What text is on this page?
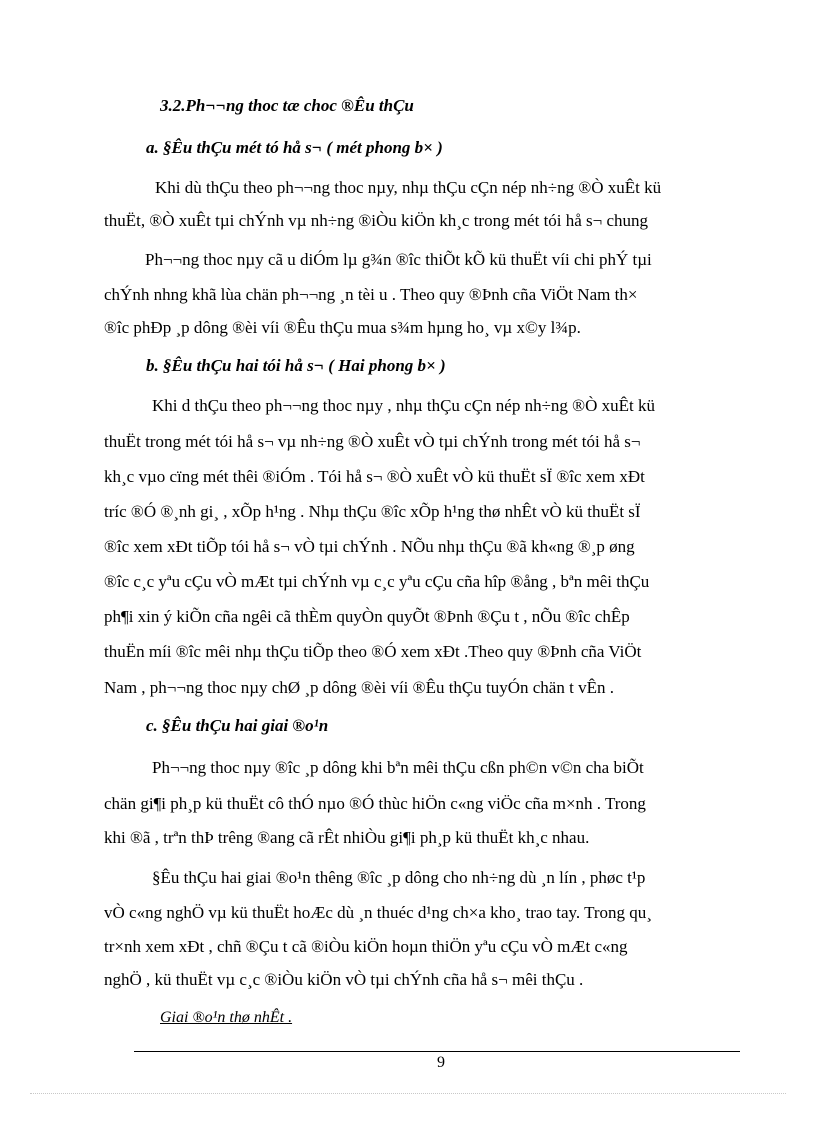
3.2.Ph¬¬ng thoc tæ choc ®Êu thÇu
a. §Êu thÇu mét tó hå s¬ ( mét phong b× )
Khi dù thÇu theo ph¬¬ng thoc nµy, nhµ thÇu cÇn nép nh÷ng ®Ò xuÊt kü
thuËt, ®Ò xuÊt tµi chÝnh vµ nh÷ng ®iÒu kiÖn kh¸c trong mét tói hå s¬ chung
Ph¬¬ng thoc nµy cã u diÓm lµ g¾n ®îc thiÕt kÕ kü thuËt víi chi phÝ tµi
chÝnh nhng khã lùa chän ph¬¬ng ¸n tèi u . Theo quy ®Þnh cña ViÖt Nam th×
®îc phÐp ¸p dông ®èi víi ®Êu thÇu mua s¾m hµng ho¸ vµ x©y l¾p.
b. §Êu thÇu hai tói hå s¬ ( Hai phong b× )
Khi d thÇu theo ph¬¬ng thoc nµy , nhµ thÇu cÇn nép nh÷ng ®Ò xuÊt kü
thuËt trong mét tói hå s¬ vµ nh÷ng ®Ò xuÊt vÒ tµi chÝnh trong mét tói hå s¬
kh¸c vµo cïng mét thêi ®iÓm . Tói hå s¬ ®Ò xuÊt vÒ kü thuËt sÏ ®îc xem xÐt
tríc ®Ó ®¸nh gi¸ , xÕp h¹ng . Nhµ thÇu ®îc xÕp h¹ng thø nhÊt vÒ kü thuËt sÏ
®îc xem xÐt tiÕp tói hå s¬ vÒ tµi chÝnh . NÕu nhµ thÇu ®ã kh«ng ®¸p øng
®îc c¸c yªu cÇu vÒ mÆt tµi chÝnh vµ c¸c yªu cÇu cña hîp ®ång , bªn mêi thÇu
ph¶i xin ý kiÕn cña ngêi cã thÈm quyÒn quyÕt ®Þnh ®Çu t , nÕu ®îc chÊp
thuËn míi ®îc mêi nhµ thÇu tiÕp theo ®Ó xem xÐt .Theo quy ®Þnh cña ViÖt
Nam , ph¬¬ng thoc nµy chØ ¸p dông ®èi víi ®Êu thÇu tuyÓn chän t vÊn .
c. §Êu thÇu hai giai ®o¹n
Ph¬¬ng thoc nµy ®îc ¸p dông khi bªn mêi thÇu cßn ph©n v©n cha biÕt
chän gi¶i ph¸p kü thuËt cô thÓ nµo ®Ó thùc hiÖn c«ng viÖc cña m×nh . Trong
khi ®ã , trªn thÞ trêng ®ang cã rÊt nhiÒu gi¶i ph¸p kü thuËt kh¸c nhau.
§Êu thÇu hai giai ®o¹n thêng ®îc ¸p dông cho nh÷ng dù ¸n lín , phøc t¹p
vÒ c«ng nghÖ vµ kü thuËt hoÆc dù ¸n thuéc d¹ng ch×a kho¸ trao tay. Trong qu¸
tr×nh xem xÐt , chñ ®Çu t cã ®iÒu kiÖn hoµn thiÖn yªu cÇu vÒ mÆt c«ng
nghÖ , kü thuËt vµ c¸c ®iÒu kiÖn vÒ tµi chÝnh cña hå s¬ mêi thÇu .
Giai ®o¹n thø nhÊt .
9
